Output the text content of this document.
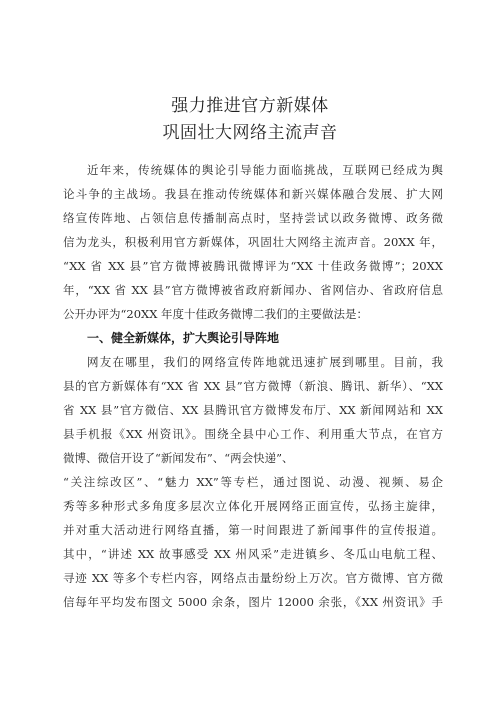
强力推进官方新媒体
巩固壮大网络主流声音
近年来，传统媒体的舆论引导能力面临挑战，互联网已经成为舆
论斗争的主战场。我县在推动传统媒体和新兴媒体融合发展、扩大网
络宣传阵地、占领信息传播制高点时，坚持尝试以政务微博、政务微
信为龙头，积极利用官方新媒体，巩固壮大网络主流声音。20XX 年，
“XX 省 XX 县”官方微博被腾讯微博评为“XX 十佳政务微博”；20XX
年，“XX 省 XX 县”官方微博被省政府新闻办、省网信办、省政府信息
公开办评为“20XX 年度十佳政务微博二我们的主要做法是：
一、健全新媒体，扩大舆论引导阵地
网友在哪里，我们的网络宣传阵地就迅速扩展到哪里。目前，我
县的官方新媒体有“XX 省 XX 县”官方微博（新浪、腾讯、新华）、“XX
省 XX 县”官方微信、XX 县腾讯官方微博发布厅、XX 新闻网站和 XX
县手机报《XX 州资讯》。围绕全县中心工作、利用重大节点，在官方
微博、微信开设了“新闻发布”、“两会快递”、
“关注综改区”、“魅力 XX”等专栏，通过图说、动漫、视频、易企
秀等多种形式多角度多层次立体化开展网络正面宣传，弘扬主旋律，
并对重大活动进行网络直播，第一时间跟进了新闻事件的宣传报道。
其中，“讲述 XX 故事感受 XX 州风采”走进镇乡、冬瓜山电航工程、
寻迹 XX 等多个专栏内容，网络点击量纷纷上万次。官方微博、官方微
信每年平均发布图文 5000 余条，图片 12000 余张，《XX 州资讯》手
